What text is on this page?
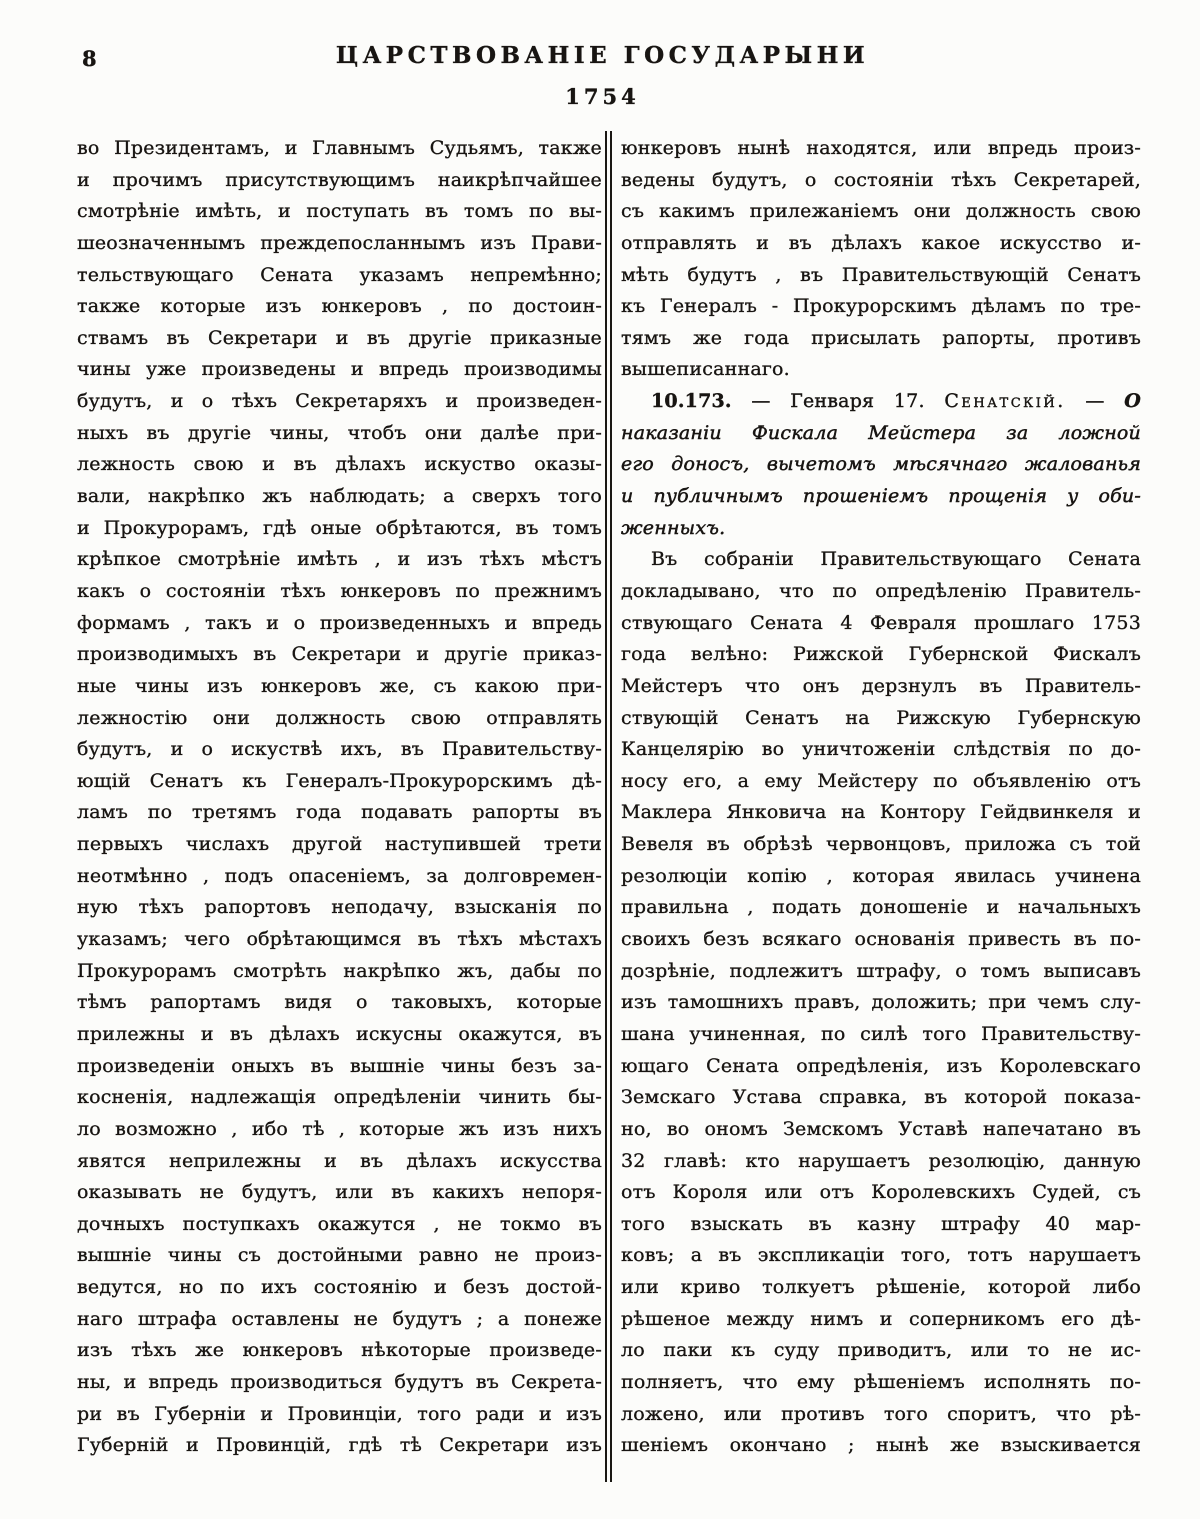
ЦАРСТВОВАНІЕ ГОСУДАРЫНИ
1754
8
во Президентамъ, и Главнымъ Судьямъ, также
и прочимъ присутствующимъ наикрѣпчайшее
смотрѣніе имѣть, и поступать въ томъ по вы-
шеозначеннымъ преждепосланнымъ изъ Прави-
тельствующаго Сената указамъ непремѣнно;
также которые изъ юнкеровъ , по достоин-
ствамъ въ Секретари и въ другіе приказные
чины уже произведены и впредь производимы
будутъ, и о тѣхъ Секретаряхъ и произведен-
ныхъ въ другіе чины, чтобъ они далѣе при-
лежность свою и въ дѣлахъ искуство оказы-
вали, накрѣпко жъ наблюдать; а сверхъ того
и Прокурорамъ, гдѣ оные обрѣтаются, въ томъ
крѣпкое смотрѣніе имѣть , и изъ тѣхъ мѣстъ
какъ о состояніи тѣхъ юнкеровъ по прежнимъ
формамъ , такъ и о произведенныхъ и впредь
производимыхъ въ Секретари и другіе приказ-
ные чины изъ юнкеровъ же, съ какою при-
лежностію они должность свою отправлять
будутъ, и о искуствѣ ихъ, въ Правительству-
ющій Сенатъ къ Генералъ-Прокурорскимъ дѣ-
ламъ по третямъ года подавать рапорты въ
первыхъ числахъ другой наступившей трети
неотмѣнно , подъ опасеніемъ, за долговремен-
ную тѣхъ рапортовъ неподачу, взысканія по
указамъ; чего обрѣтающимся въ тѣхъ мѣстахъ
Прокурорамъ смотрѣть накрѣпко жъ, дабы по
тѣмъ рапортамъ видя о таковыхъ, которые
прилежны и въ дѣлахъ искусны окажутся, въ
произведеніи оныхъ въ вышніе чины безъ за-
косненія, надлежащія опредѣленіи чинить бы-
ло возможно , ибо тѣ , которые жъ изъ нихъ
явятся неприлежны и въ дѣлахъ искусства
оказывать не будутъ, или въ какихъ непоря-
дочныхъ поступкахъ окажутся , не токмо въ
вышніе чины съ достойными равно не произ-
ведутся, но по ихъ состоянію и безъ достой-
наго штрафа оставлены не будутъ ; а понеже
изъ тѣхъ же юнкеровъ нѣкоторые произведе-
ны, и впредь производиться будутъ въ Секрета-
ри въ Губерніи и Провинціи, того ради и изъ
Губерній и Провинцій, гдѣ тѣ Секретари изъ
юнкеровъ нынѣ находятся, или впредь произ-
ведены будутъ, о состояніи тѣхъ Секретарей,
съ какимъ прилежаніемъ они должность свою
отправлять и въ дѣлахъ какое искусство и-
мѣть будутъ , въ Правительствующій Сенатъ
къ Генералъ - Прокурорскимъ дѣламъ по тре-
тямъ же года присылать рапорты, противъ
вышеписаннаго.
10.173. — Генваря 17. Сенатскій. — О
наказаніи Фискала Мейстера за ложной
его доносъ, вычетомъ мѣсячнаго жалованья
и публичнымъ прошеніемъ прощенія у оби-
женныхъ.
Въ собраніи Правительствующаго Сената
докладывано, что по опредѣленію Правитель-
ствующаго Сената 4 Февраля прошлаго 1753
года велѣно: Рижской Губернской Фискалъ
Мейстеръ что онъ дерзнулъ въ Правитель-
ствующій Сенатъ на Рижскую Губернскую
Канцелярію во уничтоженіи слѣдствія по до-
носу его, а ему Мейстеру по объявленію отъ
Маклера Янковича на Контору Гейдвинкеля и
Вевеля въ обрѣзѣ червонцовъ, приложа съ той
резолюціи копію , которая явилась учинена
правильна , подать доношеніе и начальныхъ
своихъ безъ всякаго основанія привесть въ по-
дозрѣніе, подлежитъ штрафу, о томъ выписавъ
изъ тамошнихъ правъ, доложить; при чемъ слу-
шана учиненная, по силѣ того Правительству-
ющаго Сената опредѣленія, изъ Королевскаго
Земскаго Устава справка, въ которой показа-
но, во ономъ Земскомъ Уставѣ напечатано въ
32 главѣ: кто нарушаетъ резолюцію, данную
отъ Короля или отъ Королевскихъ Судей, съ
того взыскать въ казну штрафу 40 мар-
ковъ; а въ экспликаціи того, тотъ нарушаетъ
или криво толкуетъ рѣшеніе, которой либо
рѣшеное между нимъ и соперникомъ его дѣ-
ло паки къ суду приводитъ, или то не ис-
полняетъ, что ему рѣшеніемъ исполнять по-
ложено, или противъ того споритъ, что рѣ-
шеніемъ окончано ; нынѣ же взыскивается
